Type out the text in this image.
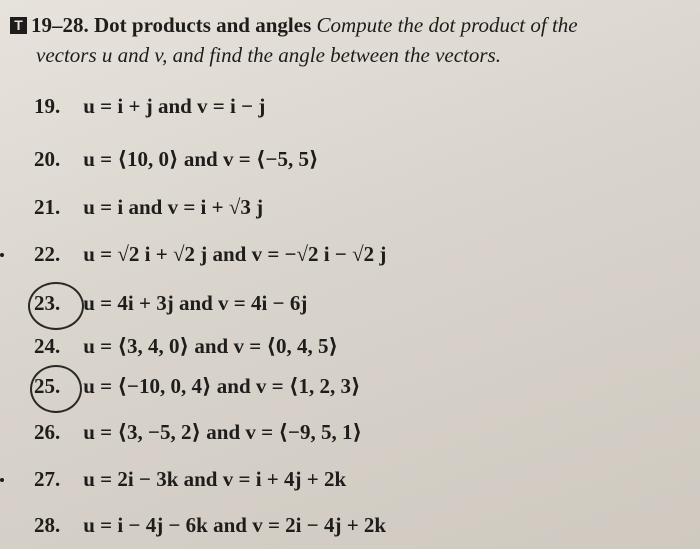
T 19–28. Dot products and angles Compute the dot product of the
vectors u and v, and find the angle between the vectors.
19. u = i + j and v = i − j
20. u = ⟨10, 0⟩ and v = ⟨−5, 5⟩
21. u = i and v = i + √3 j
22. u = √2 i + √2 j and v = −√2 i − √2 j
23. u = 4i + 3j and v = 4i − 6j
24. u = ⟨3, 4, 0⟩ and v = ⟨0, 4, 5⟩
25. u = ⟨−10, 0, 4⟩ and v = ⟨1, 2, 3⟩
26. u = ⟨3, −5, 2⟩ and v = ⟨−9, 5, 1⟩
27. u = 2i − 3k and v = i + 4j + 2k
28. u = i − 4j − 6k and v = 2i − 4j + 2k
